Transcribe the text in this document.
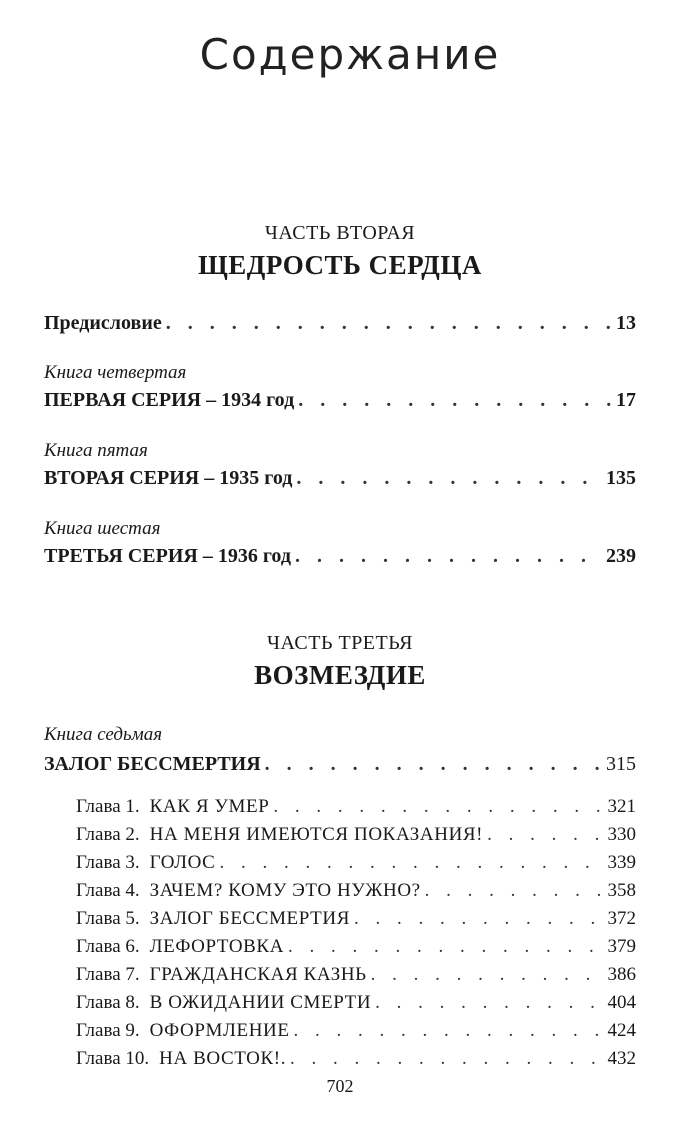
Содержание
ЧАСТЬ ВТОРАЯ
ЩЕДРОСТЬ СЕРДЦА
Предисловие . . .	13
Книга четвертая
ПЕРВАЯ СЕРИЯ – 1934 год . . .	17
Книга пятая
ВТОРАЯ СЕРИЯ – 1935 год . . .	135
Книга шестая
ТРЕТЬЯ СЕРИЯ – 1936 год . . .	239
ЧАСТЬ ТРЕТЬЯ
ВОЗМЕЗДИЕ
Книга седьмая
ЗАЛОГ БЕССМЕРТИЯ . . .	315
Глава 1. КАК Я УМЕР . . .	321
Глава 2. НА МЕНЯ ИМЕЮТСЯ ПОКАЗАНИЯ! . . .	330
Глава 3. ГОЛОС . . .	339
Глава 4. ЗАЧЕМ? КОМУ ЭТО НУЖНО? . . .	358
Глава 5. ЗАЛОГ БЕССМЕРТИЯ . . .	372
Глава 6. ЛЕФОРТОВКА . . .	379
Глава 7. ГРАЖДАНСКАЯ КАЗНЬ . . .	386
Глава 8. В ОЖИДАНИИ СМЕРТИ . . .	404
Глава 9. ОФОРМЛЕНИЕ . . .	424
Глава 10. НА ВОСТОК!. . . .	432
702
